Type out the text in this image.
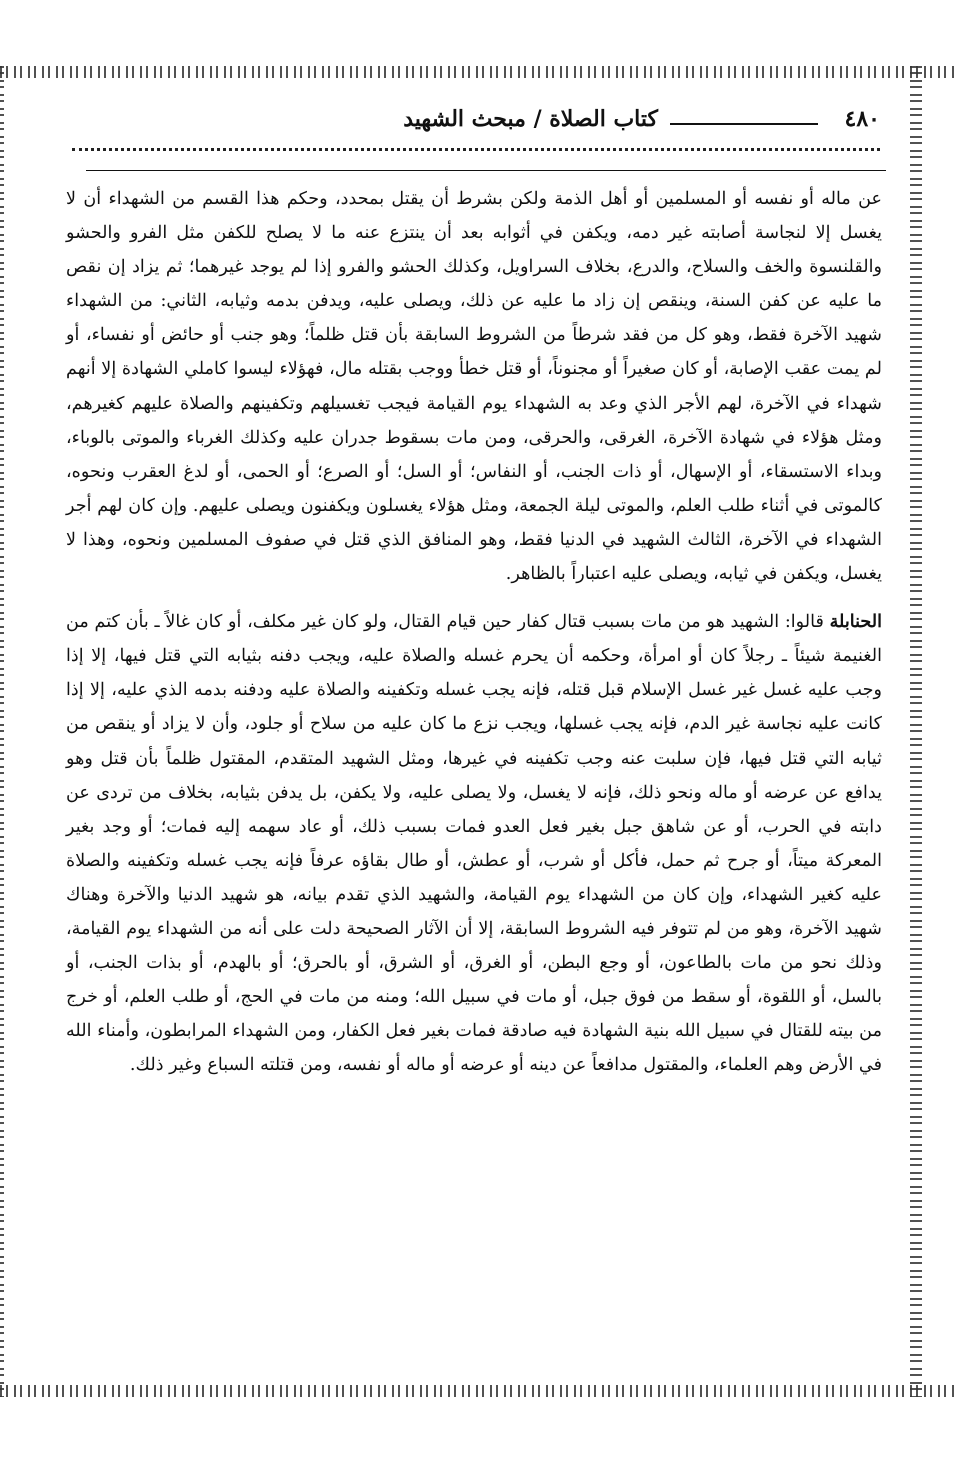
٤٨٠
كتاب الصلاة / مبحث الشهيد

عن ماله أو نفسه أو المسلمين أو أهل الذمة ولكن بشرط أن يقتل بمحدد، وحكم هذا القسم من الشهداء أن لا يغسل إلا لنجاسة أصابته غير دمه، ويكفن في أثوابه بعد أن ينتزع عنه ما لا يصلح للكفن مثل الفرو والحشو والقلنسوة والخف والسلاح، والدرع، بخلاف السراويل، وكذلك الحشو والفرو إذا لم يوجد غيرهما؛ ثم يزاد إن نقص ما عليه عن كفن السنة، وينقص إن زاد ما عليه عن ذلك، ويصلى عليه، ويدفن بدمه وثيابه، الثاني: من الشهداء شهيد الآخرة فقط، وهو كل من فقد شرطاً من الشروط السابقة بأن قتل ظلماً؛ وهو جنب أو حائض أو نفساء، أو لم يمت عقب الإصابة، أو كان صغيراً أو مجنوناً، أو قتل خطأ ووجب بقتله مال، فهؤلاء ليسوا كاملي الشهادة إلا أنهم شهداء في الآخرة، لهم الأجر الذي وعد به الشهداء يوم القيامة فيجب تغسيلهم وتكفينهم والصلاة عليهم كغيرهم، ومثل هؤلاء في شهادة الآخرة، الغرقى، والحرقى، ومن مات بسقوط جدران عليه وكذلك الغرباء والموتى بالوباء، وبداء الاستسقاء، أو الإسهال، أو ذات الجنب، أو النفاس؛ أو السل؛ أو الصرع؛ أو الحمى، أو لدغ العقرب ونحوه، كالموتى في أثناء طلب العلم، والموتى ليلة الجمعة، ومثل هؤلاء يغسلون ويكفنون ويصلى عليهم. وإن كان لهم أجر الشهداء في الآخرة، الثالث الشهيد في الدنيا فقط، وهو المنافق الذي قتل في صفوف المسلمين ونحوه، وهذا لا يغسل، ويكفن في ثيابه، ويصلى عليه اعتباراً بالظاهر.

الحنابلة قالوا: الشهيد هو من مات بسبب قتال كفار حين قيام القتال، ولو كان غير مكلف، أو كان غالاً ـ بأن كتم من الغنيمة شيئاً ـ رجلاً كان أو امرأة، وحكمه أن يحرم غسله والصلاة عليه، ويجب دفنه بثيابه التي قتل فيها، إلا إذا وجب عليه غسل غير غسل الإسلام قبل قتله، فإنه يجب غسله وتكفينه والصلاة عليه ودفنه بدمه الذي عليه، إلا إذا كانت عليه نجاسة غير الدم، فإنه يجب غسلها، ويجب نزع ما كان عليه من سلاح أو جلود، وأن لا يزاد أو ينقص من ثيابه التي قتل فيها، فإن سلبت عنه وجب تكفينه في غيرها، ومثل الشهيد المتقدم، المقتول ظلماً بأن قتل وهو يدافع عن عرضه أو ماله ونحو ذلك، فإنه لا يغسل، ولا يصلى عليه، ولا يكفن، بل يدفن بثيابه، بخلاف من تردى عن دابته في الحرب، أو عن شاهق جبل بغير فعل العدو فمات بسبب ذلك، أو عاد سهمه إليه فمات؛ أو وجد بغير المعركة ميتاً، أو جرح ثم حمل، فأكل أو شرب، أو عطش، أو طال بقاؤه عرفاً فإنه يجب غسله وتكفينه والصلاة عليه كغير الشهداء، وإن كان من الشهداء يوم القيامة، والشهيد الذي تقدم بيانه، هو شهيد الدنيا والآخرة وهناك شهيد الآخرة، وهو من لم تتوفر فيه الشروط السابقة، إلا أن الآثار الصحيحة دلت على أنه من الشهداء يوم القيامة، وذلك نحو من مات بالطاعون، أو وجع البطن، أو الغرق، أو الشرق، أو بالحرق؛ أو بالهدم، أو بذات الجنب، أو بالسل، أو اللقوة، أو سقط من فوق جبل، أو مات في سبيل الله؛ ومنه من مات في الحج، أو طلب العلم، أو خرج من بيته للقتال في سبيل الله بنية الشهادة فيه صادقة فمات بغير فعل الكفار، ومن الشهداء المرابطون، وأمناء الله في الأرض وهم العلماء، والمقتول مدافعاً عن دينه أو عرضه أو ماله أو نفسه، ومن قتلته السباع وغير ذلك.
